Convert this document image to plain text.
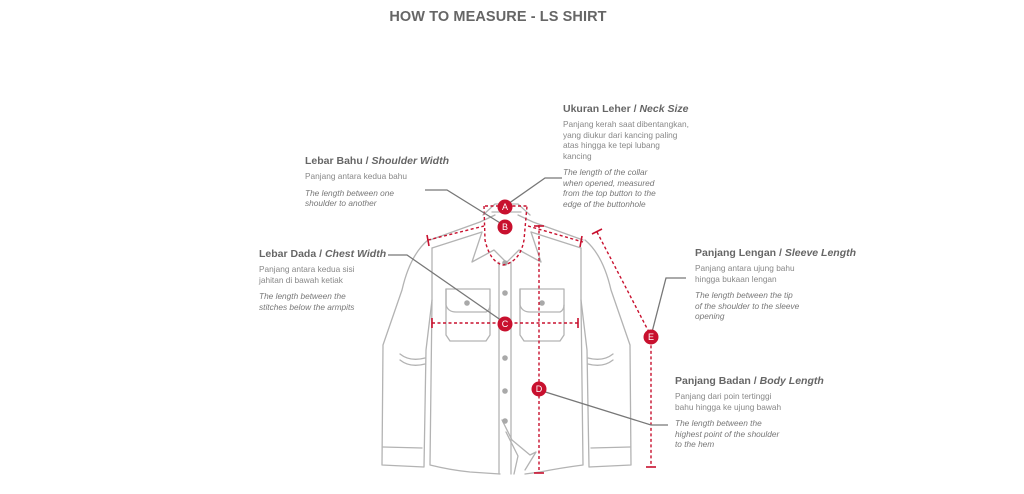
HOW TO MEASURE - LS SHIRT
A
B
C
D
E
Ukuran Leher / Neck Size
Panjang kerah saat dibentangkan,
yang diukur dari kancing paling
atas hingga ke tepi lubang
kancing
The length of the collar
when opened, measured
from the top button to the
edge of the buttonhole
Lebar Bahu / Shoulder Width
Panjang antara kedua bahu
The length between one
shoulder to another
Lebar Dada / Chest Width
Panjang antara kedua sisi
jahitan di bawah ketiak
The length between the
stitches below the armpits
Panjang Lengan / Sleeve Length
Panjang antara ujung bahu
hingga bukaan lengan
The length between the tip
of the shoulder to the sleeve
opening
Panjang Badan / Body Length
Panjang dari poin tertinggi
bahu hingga ke ujung bawah
The length between the
highest point of the shoulder
to the hem
